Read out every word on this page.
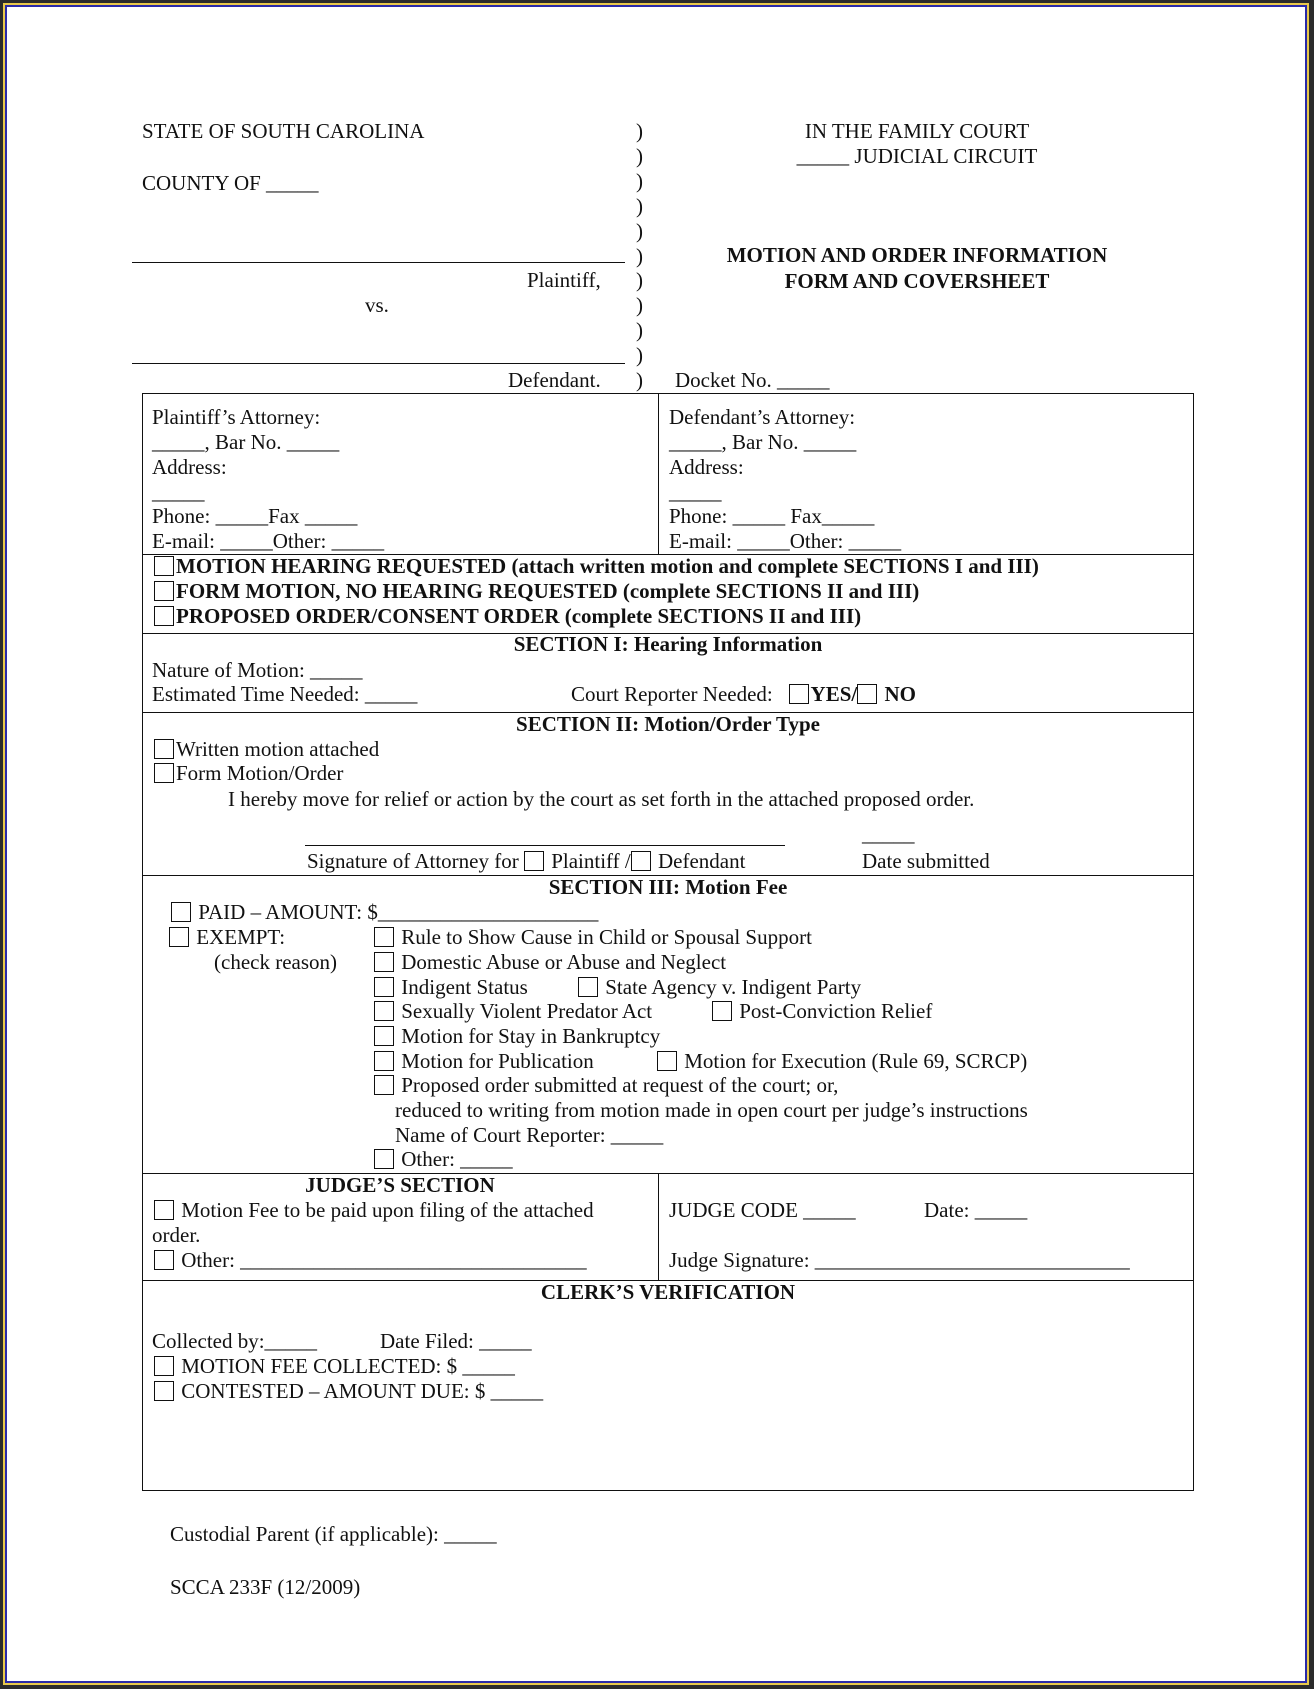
STATE OF SOUTH CAROLINA
COUNTY OF _____
Plaintiff,
vs.
Defendant.
)
)
)
)
)
)
)
)
)
)
)
IN THE FAMILY COURT
_____ JUDICIAL CIRCUIT
MOTION AND ORDER INFORMATION
FORM AND COVERSHEET
Docket No. _____
Plaintiff’s Attorney:
_____, Bar No. _____
Address:
_____
Phone: _____Fax _____
E-mail: _____Other: _____
Defendant’s Attorney:
_____, Bar No. _____
Address:
_____
Phone: _____ Fax_____
E-mail: _____Other: _____
MOTION HEARING REQUESTED (attach written motion and complete SECTIONS I and III)
FORM MOTION, NO HEARING REQUESTED (complete SECTIONS II and III)
PROPOSED ORDER/CONSENT ORDER (complete SECTIONS II and III)
SECTION I: Hearing Information
Nature of Motion: _____
Estimated Time Needed: _____	Court Reporter Needed: YES/ NO
SECTION II: Motion/Order Type
Written motion attached
Form Motion/Order
I hereby move for relief or action by the court as set forth in the attached proposed order.
_____
Signature of Attorney for Plaintiff / Defendant	Date submitted
SECTION III: Motion Fee
PAID – AMOUNT: $_____________________
EXEMPT:
(check reason)
Rule to Show Cause in Child or Spousal Support
Domestic Abuse or Abuse and Neglect
Indigent Status	State Agency v. Indigent Party
Sexually Violent Predator Act	Post-Conviction Relief
Motion for Stay in Bankruptcy
Motion for Publication	Motion for Execution (Rule 69, SCRCP)
Proposed order submitted at request of the court; or,
reduced to writing from motion made in open court per judge’s instructions
Name of Court Reporter: _____
Other: _____
JUDGE’S SECTION
Motion Fee to be paid upon filing of the attached
order.
Other: _________________________________
JUDGE CODE _____	Date: _____
Judge Signature: ______________________________
CLERK’S VERIFICATION
Collected by:_____	Date Filed: _____
MOTION FEE COLLECTED: $ _____
CONTESTED – AMOUNT DUE: $ _____
Custodial Parent (if applicable): _____
SCCA 233F (12/2009)
